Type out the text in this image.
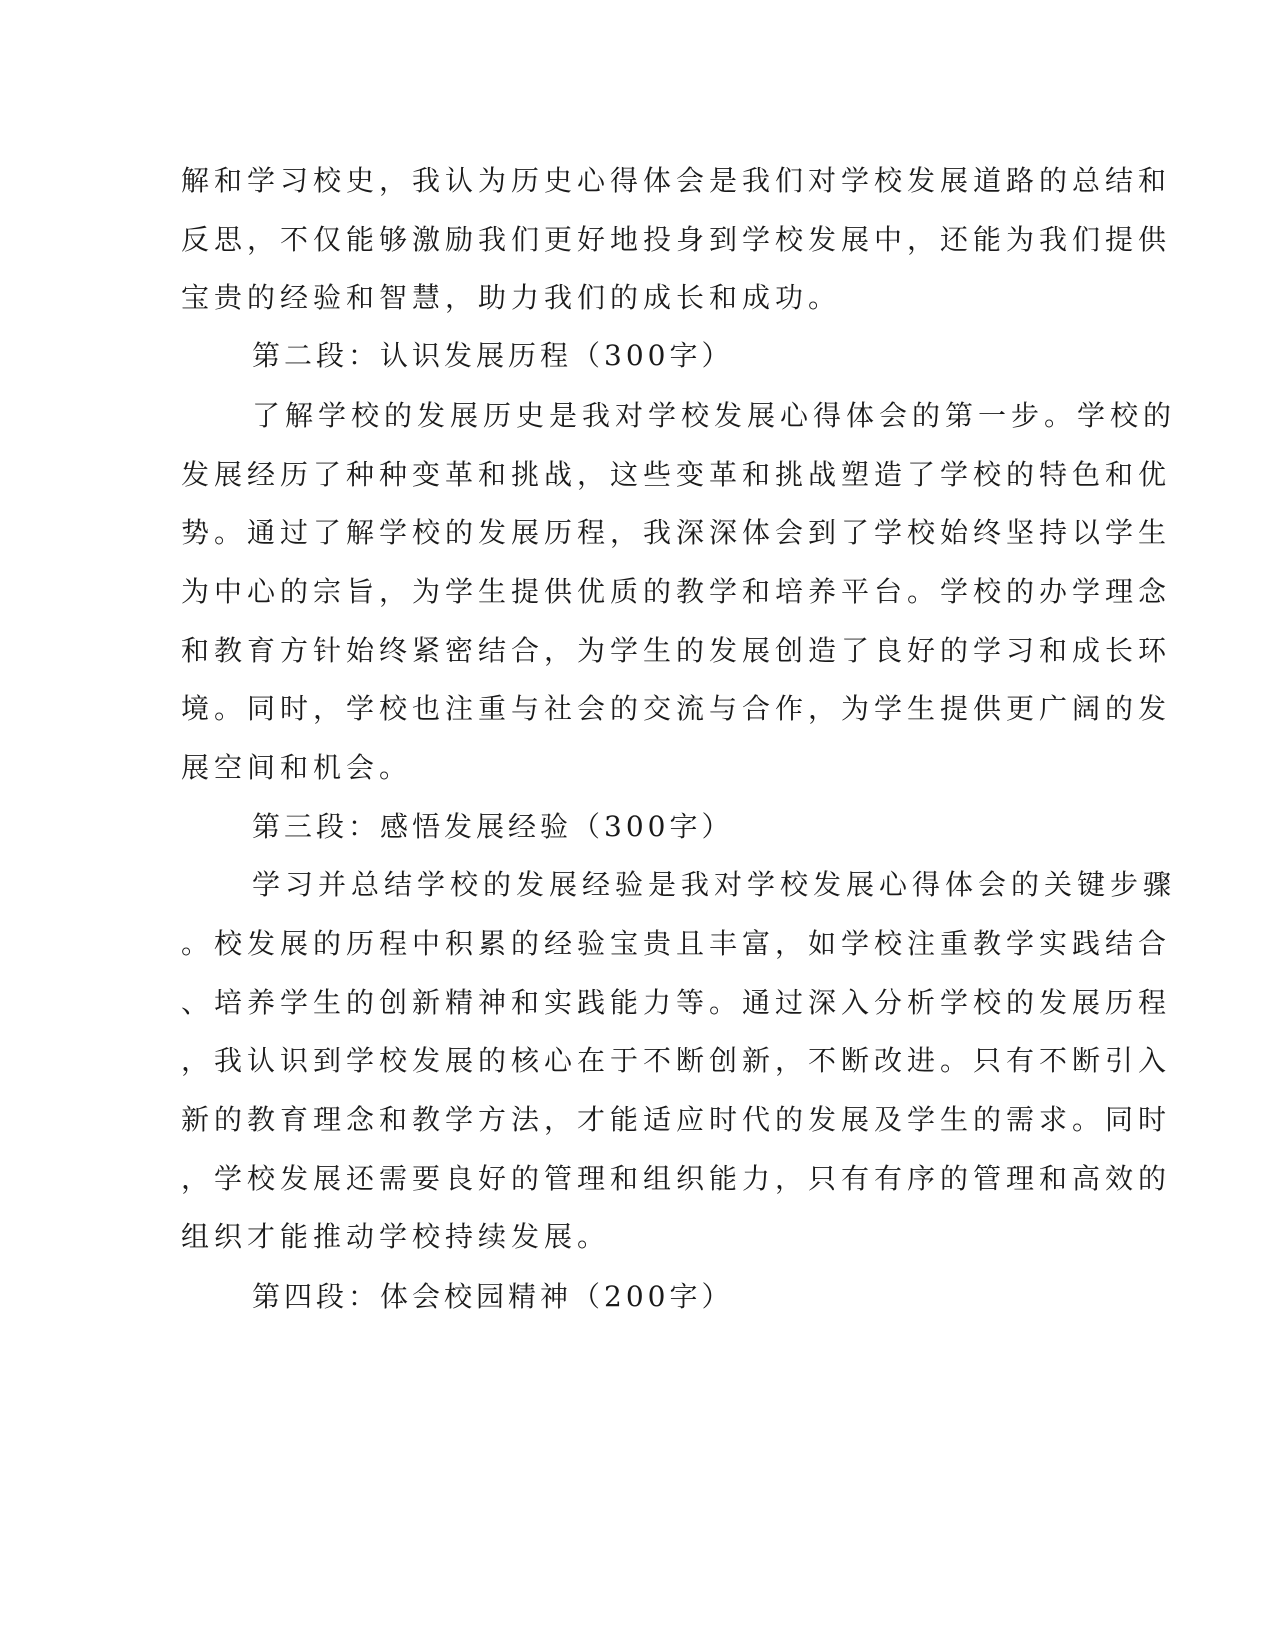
解和学习校史，我认为历史心得体会是我们对学校发展道路的总结和
反思，不仅能够激励我们更好地投身到学校发展中，还能为我们提供
宝贵的经验和智慧，助力我们的成长和成功。
第二段：认识发展历程（300字）
了解学校的发展历史是我对学校发展心得体会的第一步。学校的
发展经历了种种变革和挑战，这些变革和挑战塑造了学校的特色和优
势。通过了解学校的发展历程，我深深体会到了学校始终坚持以学生
为中心的宗旨，为学生提供优质的教学和培养平台。学校的办学理念
和教育方针始终紧密结合，为学生的发展创造了良好的学习和成长环
境。同时，学校也注重与社会的交流与合作，为学生提供更广阔的发
展空间和机会。
第三段：感悟发展经验（300字）
学习并总结学校的发展经验是我对学校发展心得体会的关键步骤
。校发展的历程中积累的经验宝贵且丰富，如学校注重教学实践结合
、培养学生的创新精神和实践能力等。通过深入分析学校的发展历程
，我认识到学校发展的核心在于不断创新，不断改进。只有不断引入
新的教育理念和教学方法，才能适应时代的发展及学生的需求。同时
，学校发展还需要良好的管理和组织能力，只有有序的管理和高效的
组织才能推动学校持续发展。
第四段：体会校园精神（200字）
